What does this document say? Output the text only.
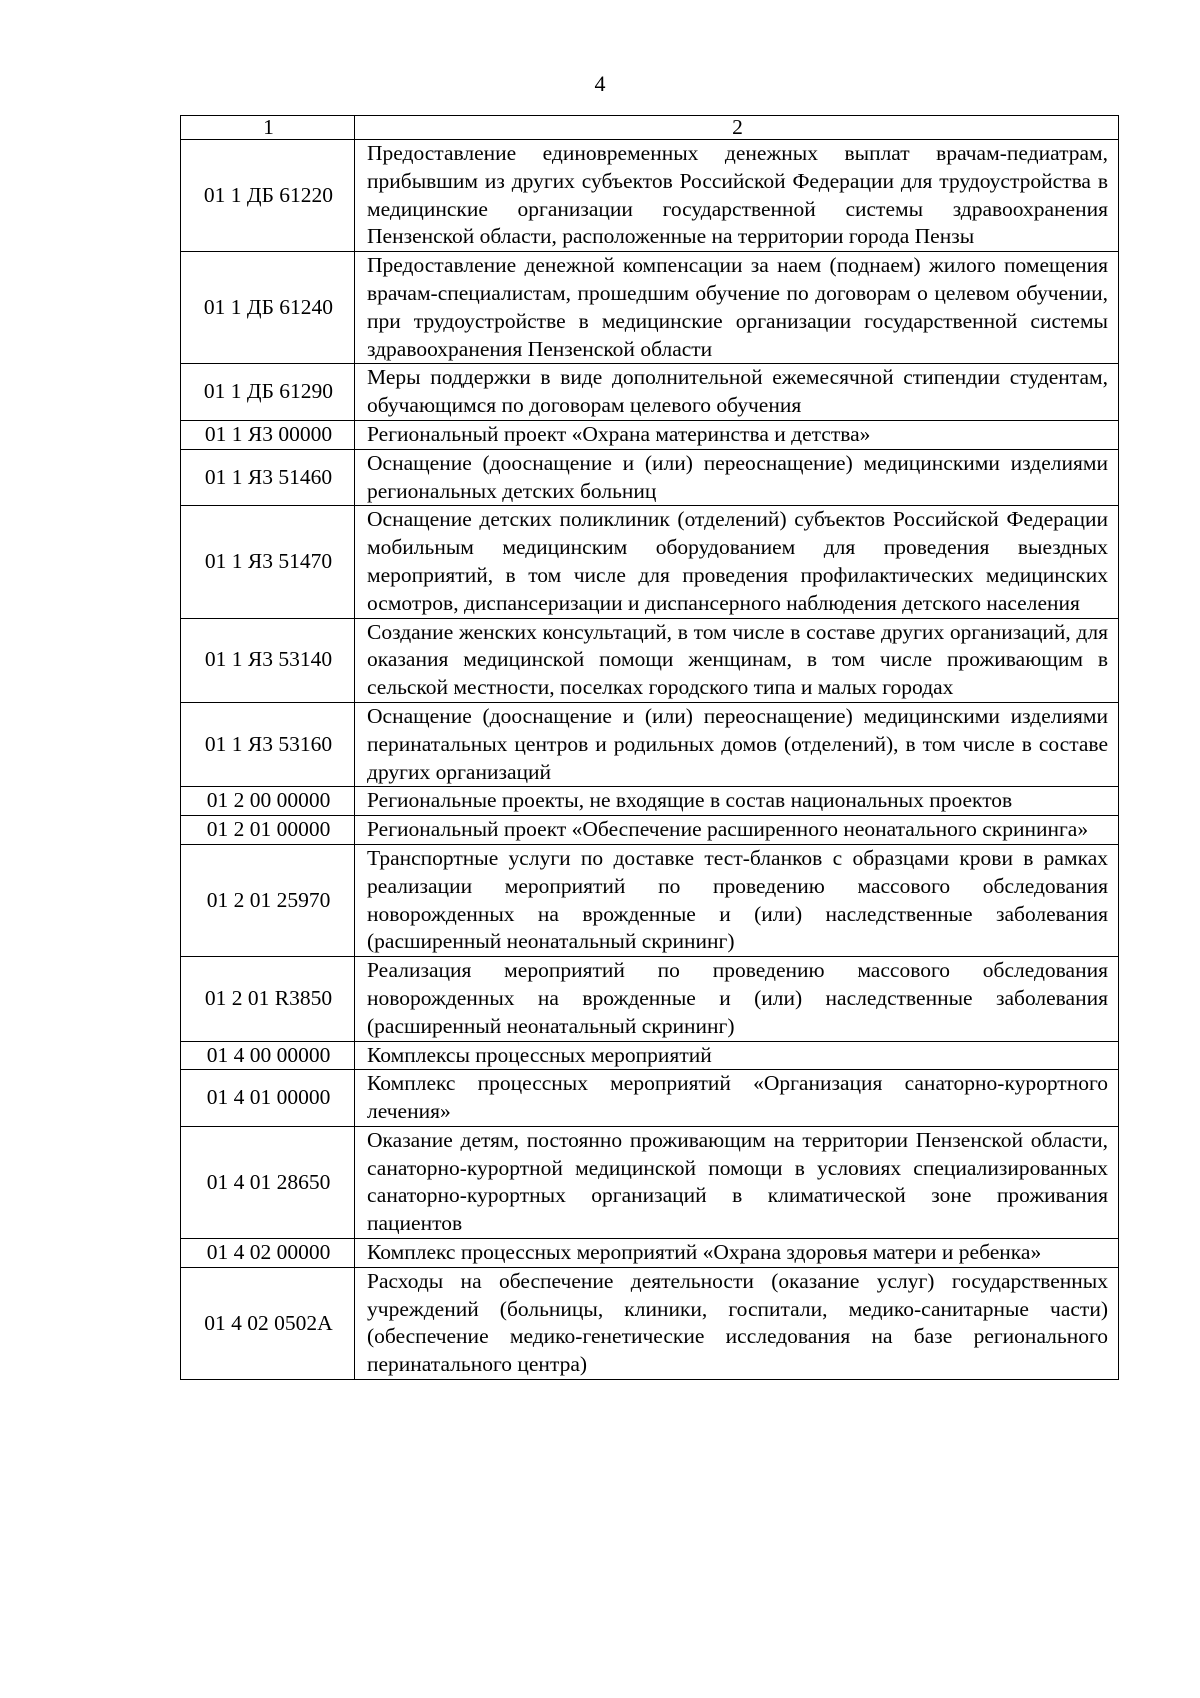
4
1	2
01 1 ДБ 61220	Предоставление единовременных денежных выплат врачам-педиатрам, прибывшим из других субъектов Российской Федерации для трудоустройства в медицинские организации государственной системы здравоохранения Пензенской области, расположенные на территории города Пензы
01 1 ДБ 61240	Предоставление денежной компенсации за наем (поднаем) жилого помещения врачам-специалистам, прошедшим обучение по договорам о целевом обучении, при трудоустройстве в медицинские организации государственной системы здравоохранения Пензенской области
01 1 ДБ 61290	Меры поддержки в виде дополнительной ежемесячной стипендии студентам, обучающимся по договорам целевого обучения
01 1 Я3 00000	Региональный проект «Охрана материнства и детства»
01 1 Я3 51460	Оснащение (дооснащение и (или) переоснащение) медицинскими изделиями региональных детских больниц
01 1 Я3 51470	Оснащение детских поликлиник (отделений) субъектов Российской Федерации мобильным медицинским оборудованием для проведения выездных мероприятий, в том числе для проведения профилактических медицинских осмотров, диспансеризации и диспансерного наблюдения детского населения
01 1 Я3 53140	Создание женских консультаций, в том числе в составе других организаций, для оказания медицинской помощи женщинам, в том числе проживающим в сельской местности, поселках городского типа и малых городах
01 1 Я3 53160	Оснащение (дооснащение и (или) переоснащение) медицинскими изделиями перинатальных центров и родильных домов (отделений), в том числе в составе других организаций
01 2 00 00000	Региональные проекты, не входящие в состав национальных проектов
01 2 01 00000	Региональный проект «Обеспечение расширенного неонатального скрининга»
01 2 01 25970	Транспортные услуги по доставке тест-бланков с образцами крови в рамках реализации мероприятий по проведению массового обследования новорожденных на врожденные и (или) наследственные заболевания (расширенный неонатальный скрининг)
01 2 01 R3850	Реализация мероприятий по проведению массового обследования новорожденных на врожденные и (или) наследственные заболевания (расширенный неонатальный скрининг)
01 4 00 00000	Комплексы процессных мероприятий
01 4 01 00000	Комплекс процессных мероприятий «Организация санаторно-курортного лечения»
01 4 01 28650	Оказание детям, постоянно проживающим на территории Пензенской области, санаторно-курортной медицинской помощи в условиях специализированных санаторно-курортных организаций в климатической зоне проживания пациентов
01 4 02 00000	Комплекс процессных мероприятий «Охрана здоровья матери и ребенка»
01 4 02 0502А	Расходы на обеспечение деятельности (оказание услуг) государственных учреждений (больницы, клиники, госпитали, медико-санитарные части) (обеспечение медико-генетические исследования на базе регионального перинатального центра)
